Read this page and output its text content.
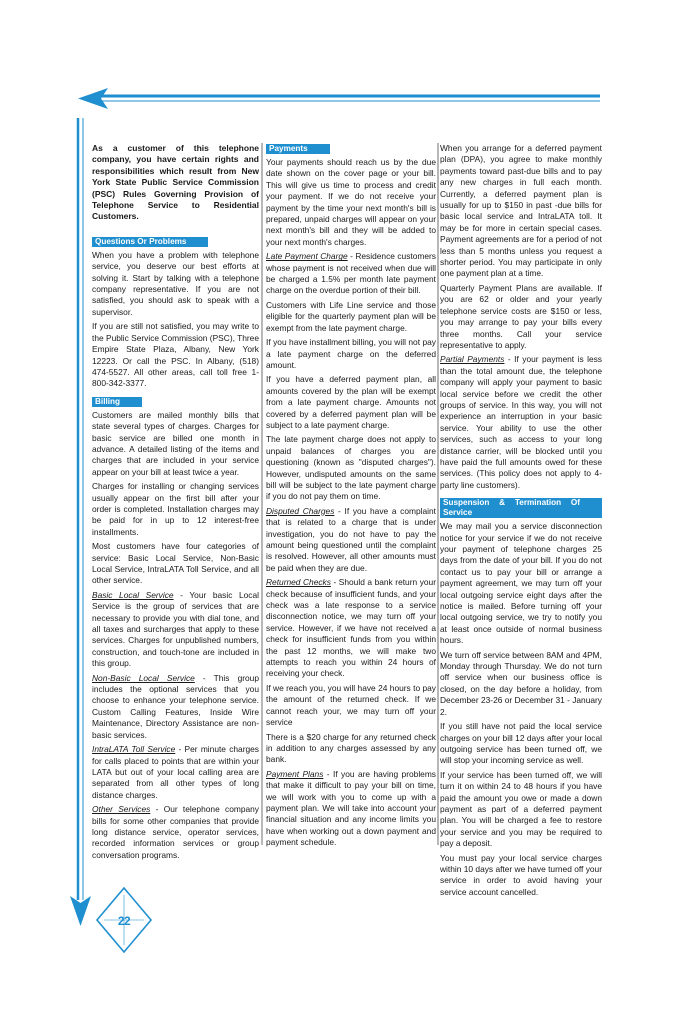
22

As a customer of this telephone company, you have certain rights and responsibilities which result from New York State Public Service Commission (PSC) Rules Governing Provision of Telephone Service to Residential Customers.

Questions Or Problems

When you have a problem with telephone service, you deserve our best efforts at solving it. Start by talking with a telephone company representative. If you are not satisfied, you should ask to speak with a supervisor.

If you are still not satisfied, you may write to the Public Service Commission (PSC), Three Empire State Plaza, Albany, New York 12223. Or call the PSC. In Albany, (518) 474-5527. All other areas, call toll free 1-800-342-3377.

Billing

Customers are mailed monthly bills that state several types of charges. Charges for basic service are billed one month in advance. A detailed listing of the items and charges that are included in your service appear on your bill at least twice a year.

Charges for installing or changing services usually appear on the first bill after your order is completed. Installation charges may be paid for in up to 12 interest-free installments.

Most customers have four categories of service: Basic Local Service, Non-Basic Local Service, IntraLATA Toll Service, and all other service.

Basic Local Service - Your basic Local Service is the group of services that are necessary to provide you with dial tone, and all taxes and surcharges that apply to these services. Charges for unpublished numbers, construction, and touch-tone are included in this group.

Non-Basic Local Service - This group includes the optional services that you choose to enhance your telephone service. Custom Calling Features, Inside Wire Maintenance, Directory Assistance are non-basic services.

IntraLATA Toll Service - Per minute charges for calls placed to points that are within your LATA but out of your local calling area are separated from all other types of long distance charges.

Other Services - Our telephone company bills for some other companies that provide long distance service, operator services, recorded information services or group conversation programs.

Payments

Your payments should reach us by the due date shown on the cover page or your bill. This will give us time to process and credit your payment. If we do not receive your payment by the time your next month's bill is prepared, unpaid charges will appear on your next month's bill and they will be added to your next month's charges.

Late Payment Charge - Residence customers whose payment is not received when due will be charged a 1.5% per month late payment charge on the overdue portion of their bill.

Customers with Life Line service and those eligible for the quarterly payment plan will be exempt from the late payment charge.

If you have installment billing, you will not pay a late payment charge on the deferred amount.

If you have a deferred payment plan, all amounts covered by the plan will be exempt from a late payment charge. Amounts not covered by a deferred payment plan will be subject to a late payment charge.

The late payment charge does not apply to unpaid balances of charges you are questioning (known as "disputed charges"). However, undisputed amounts on the same bill will be subject to the late payment charge if you do not pay them on time.

Disputed Charges - If you have a complaint that is related to a charge that is under investigation, you do not have to pay the amount being questioned until the complaint is resolved. However, all other amounts must be paid when they are due.

Returned Checks - Should a bank return your check because of insufficient funds, and your check was a late response to a service disconnection notice, we may turn off your service. However, if we have not received a check for insufficient funds from you within the past 12 months, we will make two attempts to reach you within 24 hours of receiving your check.

If we reach you, you will have 24 hours to pay the amount of the returned check. If we cannot reach your, we may turn off your service

There is a $20 charge for any returned check in addition to any charges assessed by any bank.

Payment Plans - If you are having problems that make it difficult to pay your bill on time, we will work with you to come up with a payment plan. We will take into account your financial situation and any income limits you have when working out a down payment and payment schedule.

When you arrange for a deferred payment plan (DPA), you agree to make monthly payments toward past-due bills and to pay any new charges in full each month. Currently, a deferred payment plan is usually for up to $150 in past -due bills for basic local service and IntraLATA toll. It may be for more in certain special cases. Payment agreements are for a period of not less than 5 months unless you request a shorter period. You may participate in only one payment plan at a time.

Quarterly Payment Plans are available. If you are 62 or older and your yearly telephone service costs are $150 or less, you may arrange to pay your bills every three months. Call your service representative to apply.

Partial Payments - If your payment is less than the total amount due, the telephone company will apply your payment to basic local service before we credit the other groups of service. In this way, you will not experience an interruption in your basic service. Your ability to use the other services, such as access to your long distance carrier, will be blocked until you have paid the full amounts owed for these services. (This policy does not apply to 4-party line customers).

Suspension & Termination Of Service

We may mail you a service disconnection notice for your service if we do not receive your payment of telephone charges 25 days from the date of your bill. If you do not contact us to pay your bill or arrange a payment agreement, we may turn off your local outgoing service eight days after the notice is mailed. Before turning off your local outgoing service, we try to notify you at least once outside of normal business hours.

We turn off service between 8AM and 4PM, Monday through Thursday. We do not turn off service when our business office is closed, on the day before a holiday, from December 23-26 or December 31 - January 2.

If you still have not paid the local service charges on your bill 12 days after your local outgoing service has been turned off, we will stop your incoming service as well.

If your service has been turned off, we will turn it on within 24 to 48 hours if you have paid the amount you owe or made a down payment as part of a deferred payment plan. You will be charged a fee to restore your service and you may be required to pay a deposit.

You must pay your local service charges within 10 days after we have turned off your service in order to avoid having your service account cancelled.
